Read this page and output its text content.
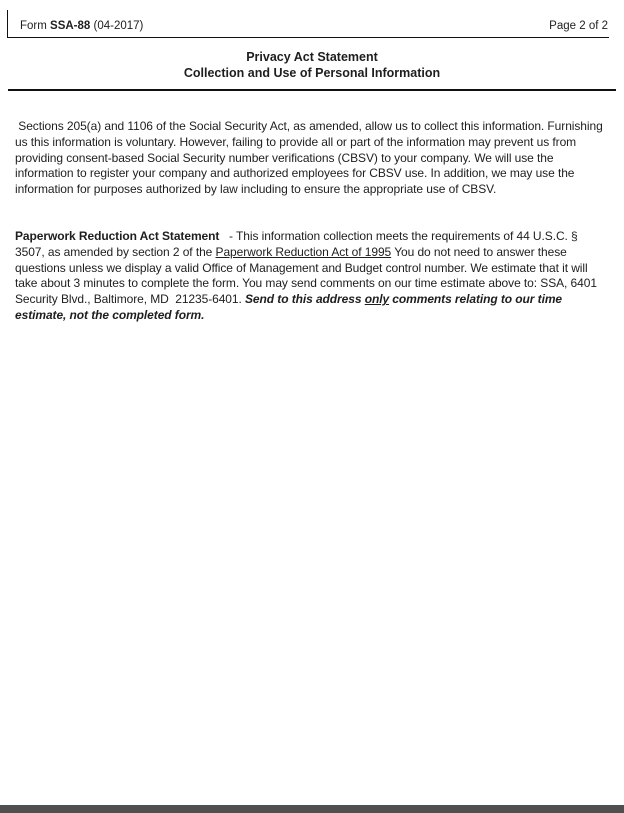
Form SSA-88 (04-2017)	Page 2 of 2
Privacy Act Statement
Collection and Use of Personal Information

Sections 205(a) and 1106 of the Social Security Act, as amended, allow us to collect this information. Furnishing us this information is voluntary. However, failing to provide all or part of the information may prevent us from providing consent-based Social Security number verifications (CBSV) to your company. We will use the information to register your company and authorized employees for CBSV use. In addition, we may use the information for purposes authorized by law including to ensure the appropriate use of CBSV.

Paperwork Reduction Act Statement   - This information collection meets the requirements of 44 U.S.C. § 3507, as amended by section 2 of the Paperwork Reduction Act of 1995 You do not need to answer these questions unless we display a valid Office of Management and Budget control number. We estimate that it will take about 3 minutes to complete the form. You may send comments on our time estimate above to: SSA, 6401 Security Blvd., Baltimore, MD  21235-6401. Send to this address only comments relating to our time estimate, not the completed form.
